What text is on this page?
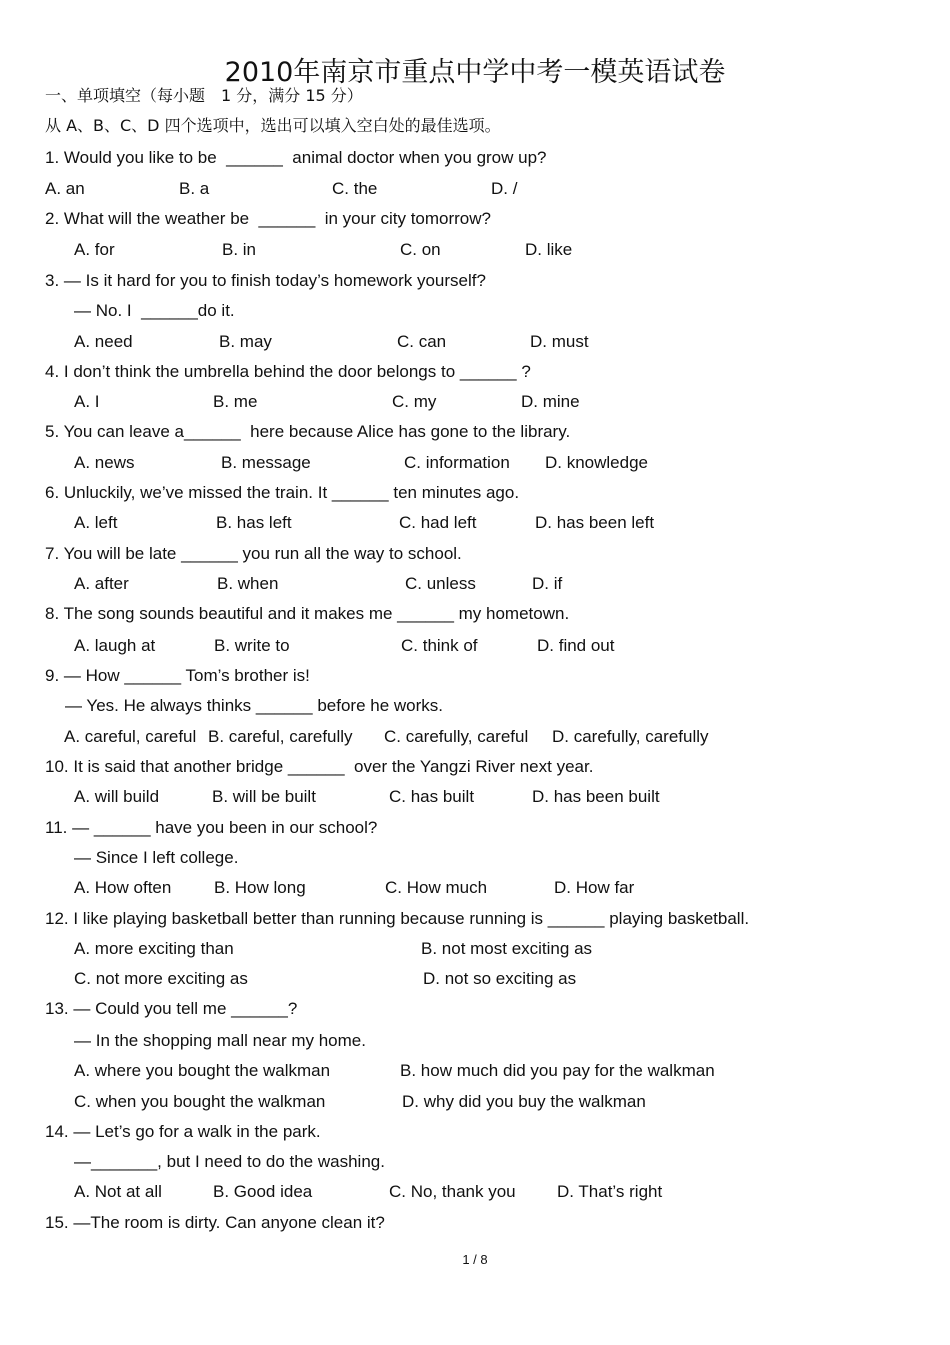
2010年南京市重点中学中考一模英语试卷
一、单项填空（每小题　1 分，满分 15 分）
从 A、B、C、D 四个选项中，选出可以填入空白处的最佳选项。
1. Would you like to be  ______  animal doctor when you grow up?
A. an	B. a	C. the	D. /
2. What will the weather be  ______  in your city tomorrow?
A. for	B. in	C. on	D. like
3. — Is it hard for you to finish today’s homework yourself?
— No. I  ______do it.
A. need	B. may	C. can	D. must
4. I don’t think the umbrella behind the door belongs to ______ ?
A. I	B. me	C. my	D. mine
5. You can leave a______  here because Alice has gone to the library.
A. news	B. message	C. information D. knowledge
6. Unluckily, we’ve missed the train. It ______ ten minutes ago.
A. left	B. has left	C. had left	D. has been left
7. You will be late ______ you run all the way to school.
A. after	B. when	C. unless	D. if
8. The song sounds beautiful and it makes me ______ my hometown.
A. laugh at	B. write to	C. think of	D. find out
9. — How ______ Tom’s brother is!
— Yes. He always thinks ______ before he works.
A. careful, careful B. careful, carefully C. carefully, careful D. carefully, carefully
10. It is said that another bridge ______  over the Yangzi River next year.
A. will build	B. will be built	C. has built	D. has been built
11. — ______ have you been in our school?
— Since I left college.
A. How often	B. How long	C. How much	D. How far
12. I like playing basketball better than running because running is ______ playing basketball.
A. more exciting than	B. not most exciting as
C. not more exciting as	D. not so exciting as
13. — Could you tell me ______?
— In the shopping mall near my home.
A. where you bought the walkman	B. how much did you pay for the walkman
C. when you bought the walkman	D. why did you buy the walkman
14. — Let’s go for a walk in the park.
—_______, but I need to do the washing.
A. Not at all	B. Good idea	C. No, thank you D. That’s right
15. —The room is dirty. Can anyone clean it?
1 / 8
